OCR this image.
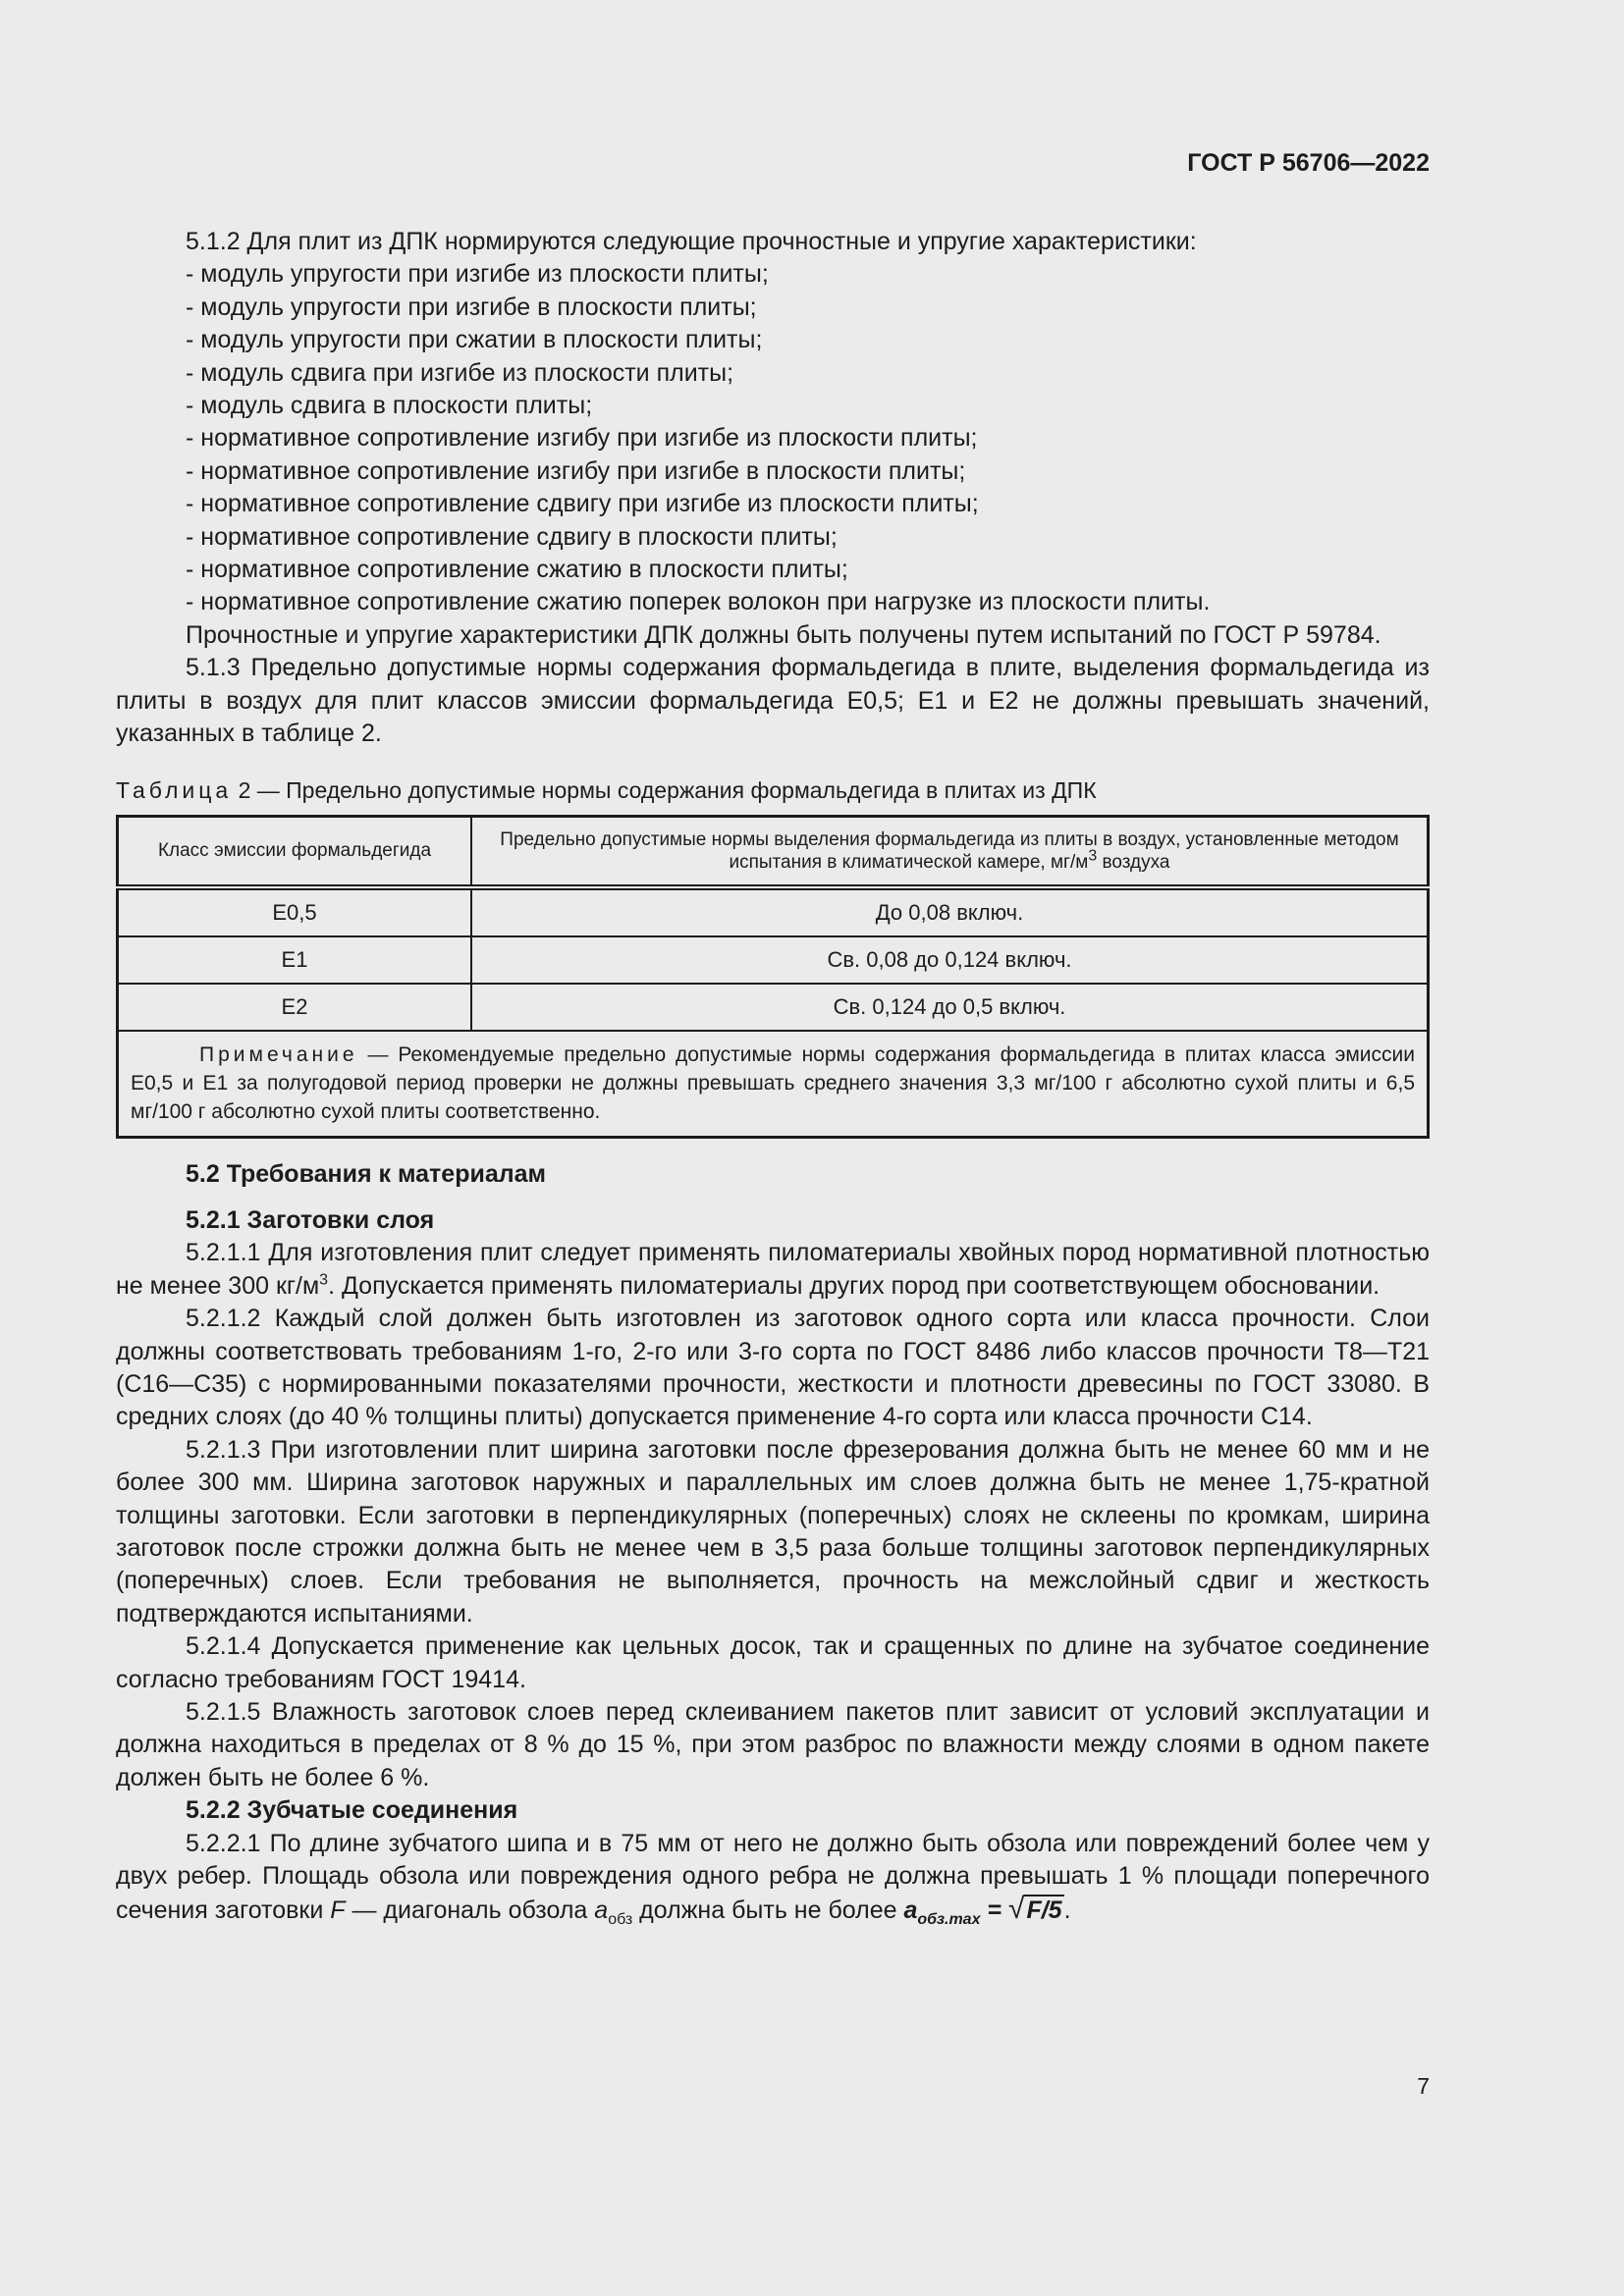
ГОСТ Р 56706—2022

5.1.2 Для плит из ДПК нормируются следующие прочностные и упругие характеристики:

- модуль упругости при изгибе из плоскости плиты;

- модуль упругости при изгибе в плоскости плиты;

- модуль упругости при сжатии в плоскости плиты;

- модуль сдвига при изгибе из плоскости плиты;

- модуль сдвига в плоскости плиты;

- нормативное сопротивление изгибу при изгибе из плоскости плиты;

- нормативное сопротивление изгибу при изгибе в плоскости плиты;

- нормативное сопротивление сдвигу при изгибе из плоскости плиты;

- нормативное сопротивление сдвигу в плоскости плиты;

- нормативное сопротивление сжатию в плоскости плиты;

- нормативное сопротивление сжатию поперек волокон при нагрузке из плоскости плиты.

Прочностные и упругие характеристики ДПК должны быть получены путем испытаний по ГОСТ Р 59784.

5.1.3 Предельно допустимые нормы содержания формальдегида в плите, выделения формальдегида из плиты в воздух для плит классов эмиссии формальдегида Е0,5; Е1 и Е2 не должны превышать значений, указанных в таблице 2.

Таблица 2 — Предельно допустимые нормы содержания формальдегида в плитах из ДПК

Класс эмиссии формальдегида	Предельно допустимые нормы выделения формальдегида из плиты в воздух, установленные методом испытания в климатической камере, $мг/м^3$ воздуха
Е0,5	До 0,08 включ.
Е1	Св. 0,08 до 0,124 включ.
Е2	Св. 0,124 до 0,5 включ.
Примечание — Рекомендуемые предельно допустимые нормы содержания формальдегида в плитах класса эмиссии Е0,5 и Е1 за полугодовой период проверки не должны превышать среднего значения 3,3 мг/100 г абсолютно сухой плиты и 6,5 мг/100 г абсолютно сухой плиты соответственно.	

5.2 Требования к материалам

5.2.1 Заготовки слоя

5.2.1.1 Для изготовления плит следует применять пиломатериалы хвойных пород нормативной плотностью не менее 300 $кг/м^3$. Допускается применять пиломатериалы других пород при соответствующем обосновании.

5.2.1.2 Каждый слой должен быть изготовлен из заготовок одного сорта или класса прочности. Слои должны соответствовать требованиям 1-го, 2-го или 3-го сорта по ГОСТ 8486 либо классов прочности Т8—Т21 (С16—С35) с нормированными показателями прочности, жесткости и плотности древесины по ГОСТ 33080. В средних слоях (до 40 % толщины плиты) допускается применение 4-го сорта или класса прочности С14.

5.2.1.3 При изготовлении плит ширина заготовки после фрезерования должна быть не менее 60 мм и не более 300 мм. Ширина заготовок наружных и параллельных им слоев должна быть не менее 1,75-кратной толщины заготовки. Если заготовки в перпендикулярных (поперечных) слоях не склеены по кромкам, ширина заготовок после строжки должна быть не менее чем в 3,5 раза больше толщины заготовок перпендикулярных (поперечных) слоев. Если требования не выполняется, прочность на межслойный сдвиг и жесткость подтверждаются испытаниями.

5.2.1.4 Допускается применение как цельных досок, так и сращенных по длине на зубчатое соединение согласно требованиям ГОСТ 19414.

5.2.1.5 Влажность заготовок слоев перед склеиванием пакетов плит зависит от условий эксплуатации и должна находиться в пределах от 8 % до 15 %, при этом разброс по влажности между слоями в одном пакете должен быть не более 6 %.

5.2.2 Зубчатые соединения

5.2.2.1 По длине зубчатого шипа и в 75 мм от него не должно быть обзола или повреждений более чем у двух ребер. Площадь обзола или повреждения одного ребра не должна превышать 1 % площади поперечного сечения заготовки F — диагональ обзола $a_{обз}$ должна быть не более $a_{обз.max} = √F/5$.

7
